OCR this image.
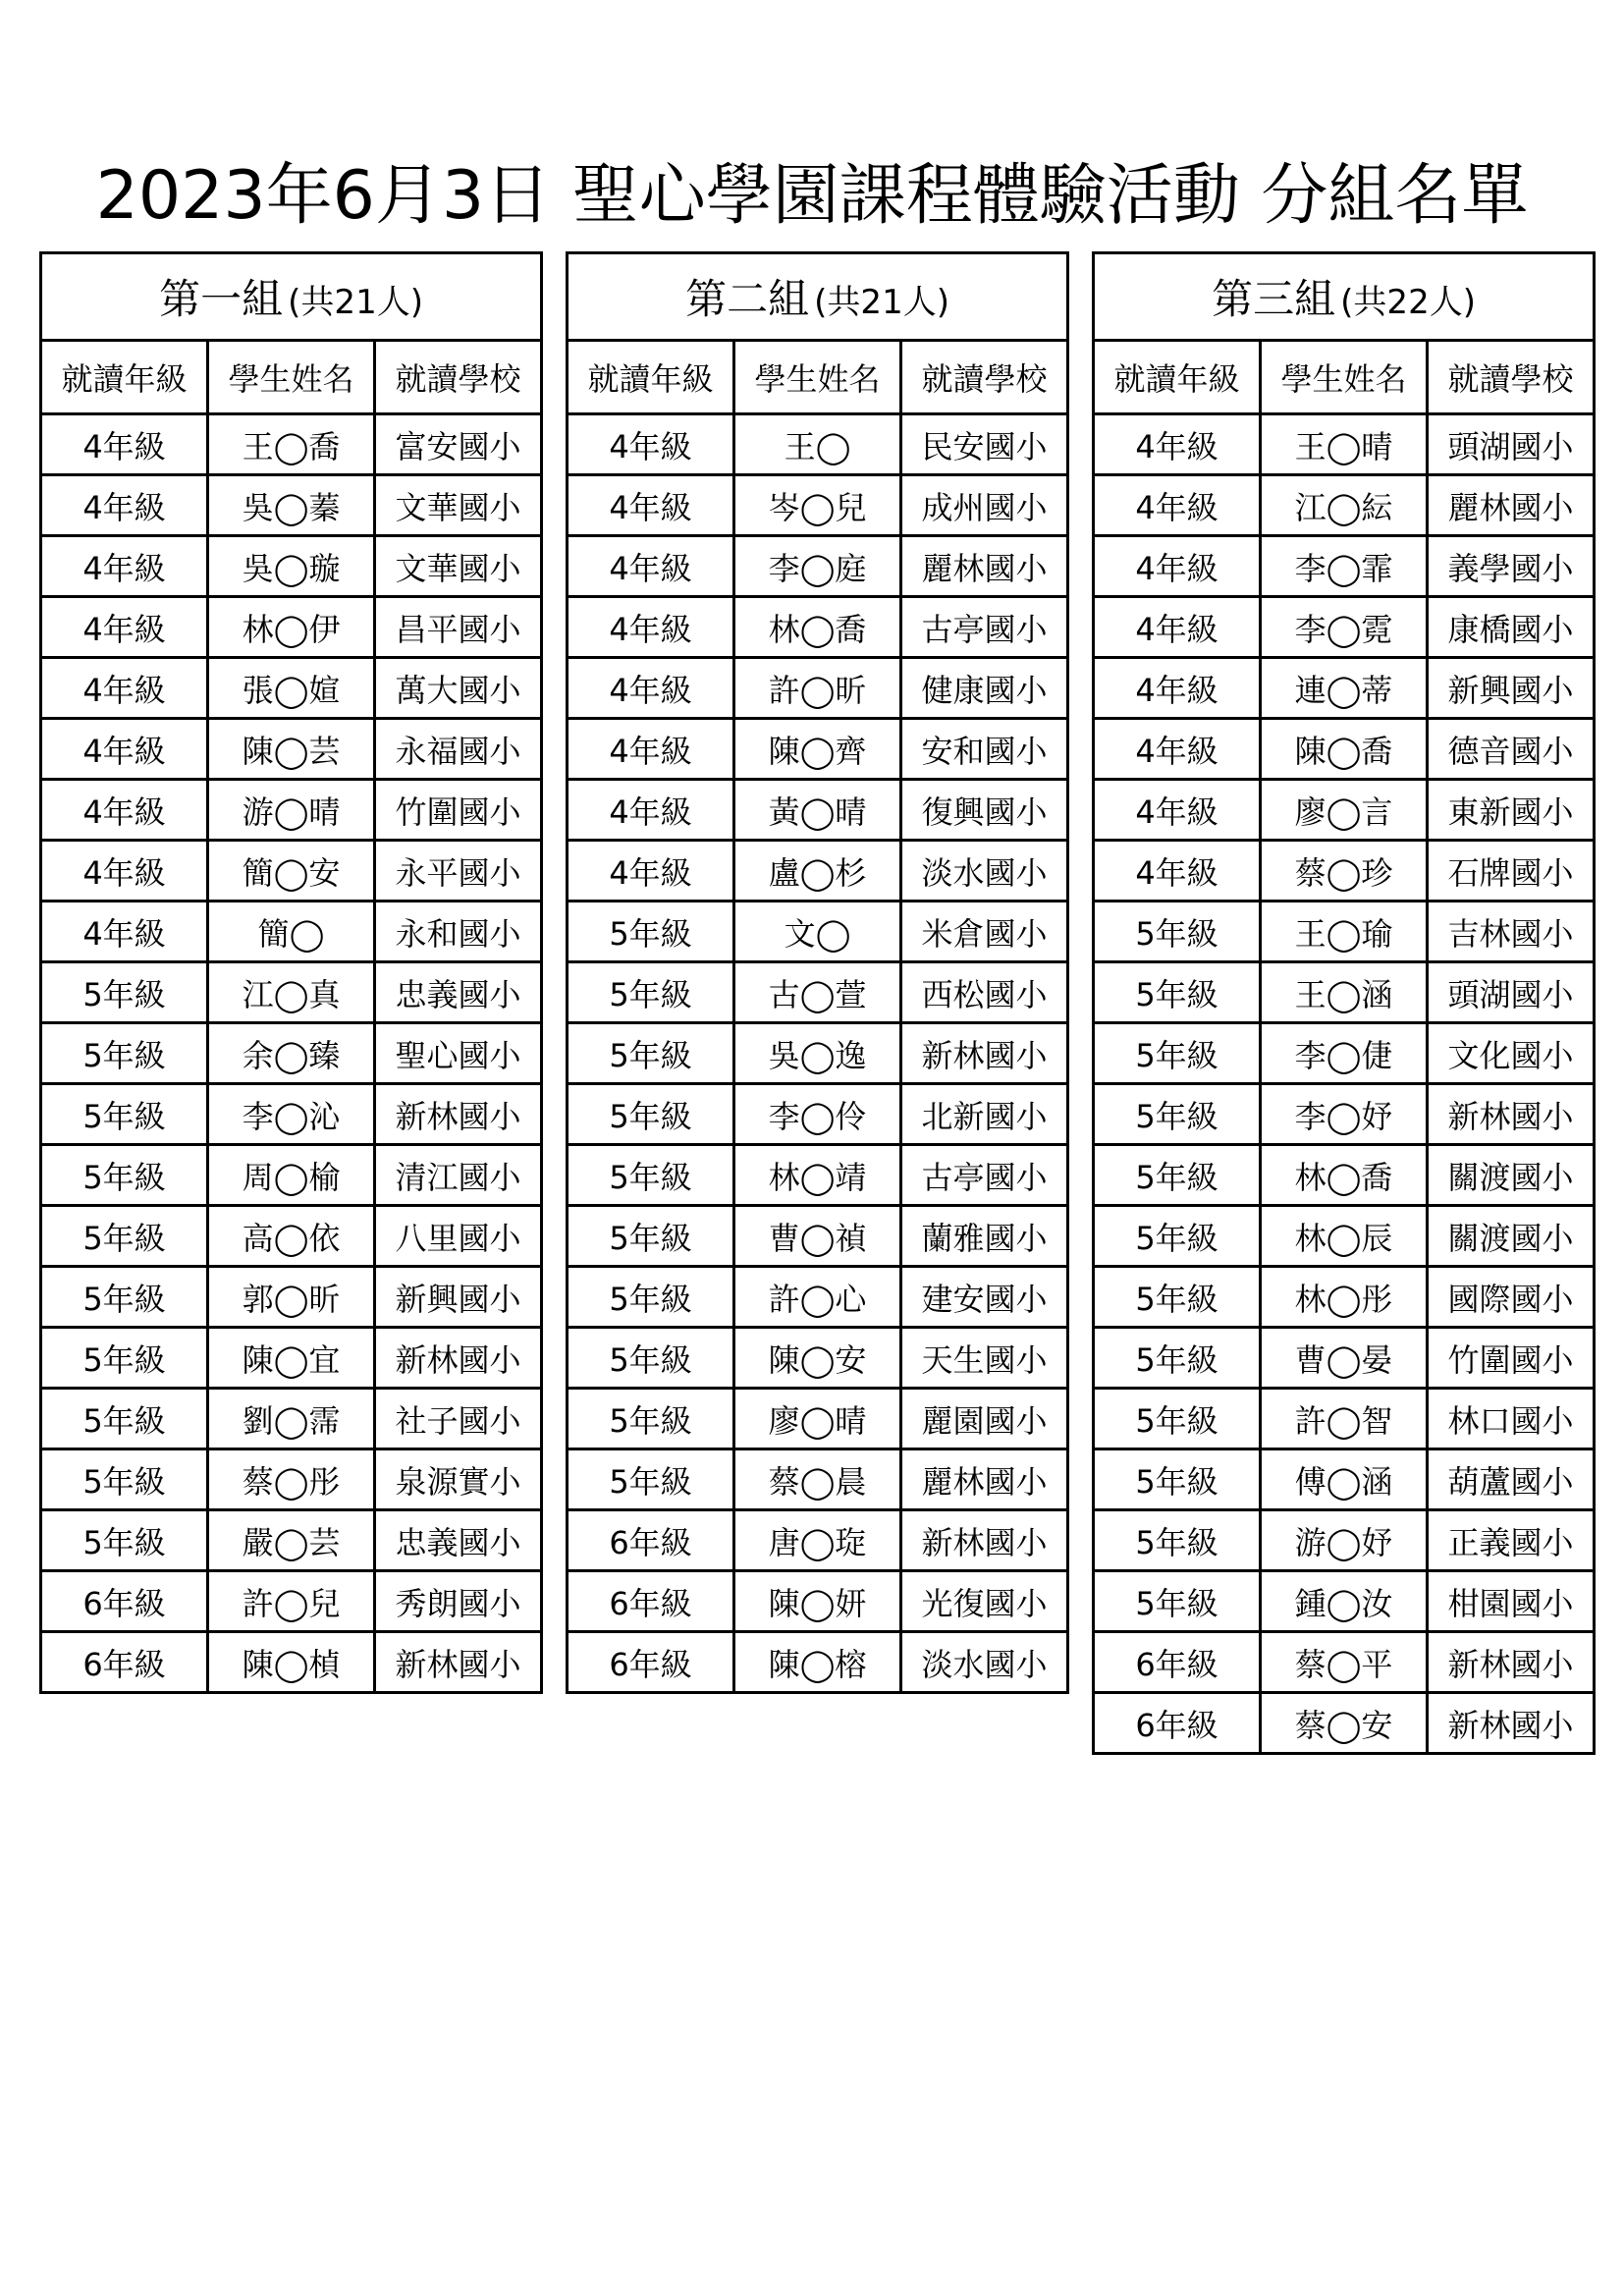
2023年6月3日 聖心學園課程體驗活動 分組名單
第一組 (共21人)		
就讀年級	學生姓名	就讀學校
4年級	王◯喬	富安國小
4年級	吳◯蓁	文華國小
4年級	吳◯璇	文華國小
4年級	林◯伊	昌平國小
4年級	張◯媗	萬大國小
4年級	陳◯芸	永福國小
4年級	游◯晴	竹圍國小
4年級	簡◯安	永平國小
4年級	簡◯	永和國小
5年級	江◯真	忠義國小
5年級	余◯臻	聖心國小
5年級	李◯沁	新林國小
5年級	周◯榆	清江國小
5年級	高◯依	八里國小
5年級	郭◯昕	新興國小
5年級	陳◯宜	新林國小
5年級	劉◯霈	社子國小
5年級	蔡◯彤	泉源實小
5年級	嚴◯芸	忠義國小
6年級	許◯兒	秀朗國小
6年級	陳◯楨	新林國小
第二組 (共21人)		
就讀年級	學生姓名	就讀學校
4年級	王◯	民安國小
4年級	岑◯兒	成州國小
4年級	李◯庭	麗林國小
4年級	林◯喬	古亭國小
4年級	許◯昕	健康國小
4年級	陳◯齊	安和國小
4年級	黃◯晴	復興國小
4年級	盧◯杉	淡水國小
5年級	文◯	米倉國小
5年級	古◯萱	西松國小
5年級	吳◯逸	新林國小
5年級	李◯伶	北新國小
5年級	林◯靖	古亭國小
5年級	曹◯禎	蘭雅國小
5年級	許◯心	建安國小
5年級	陳◯安	天生國小
5年級	廖◯晴	麗園國小
5年級	蔡◯晨	麗林國小
6年級	唐◯琁	新林國小
6年級	陳◯妍	光復國小
6年級	陳◯榕	淡水國小
第三組 (共22人)		
就讀年級	學生姓名	就讀學校
4年級	王◯晴	頭湖國小
4年級	江◯紜	麗林國小
4年級	李◯霏	義學國小
4年級	李◯霓	康橋國小
4年級	連◯蒂	新興國小
4年級	陳◯喬	德音國小
4年級	廖◯言	東新國小
4年級	蔡◯珍	石牌國小
5年級	王◯瑜	吉林國小
5年級	王◯涵	頭湖國小
5年級	李◯倢	文化國小
5年級	李◯妤	新林國小
5年級	林◯喬	關渡國小
5年級	林◯辰	關渡國小
5年級	林◯彤	國際國小
5年級	曹◯晏	竹圍國小
5年級	許◯智	林口國小
5年級	傅◯涵	葫蘆國小
5年級	游◯妤	正義國小
5年級	鍾◯汝	柑園國小
6年級	蔡◯平	新林國小
6年級	蔡◯安	新林國小
